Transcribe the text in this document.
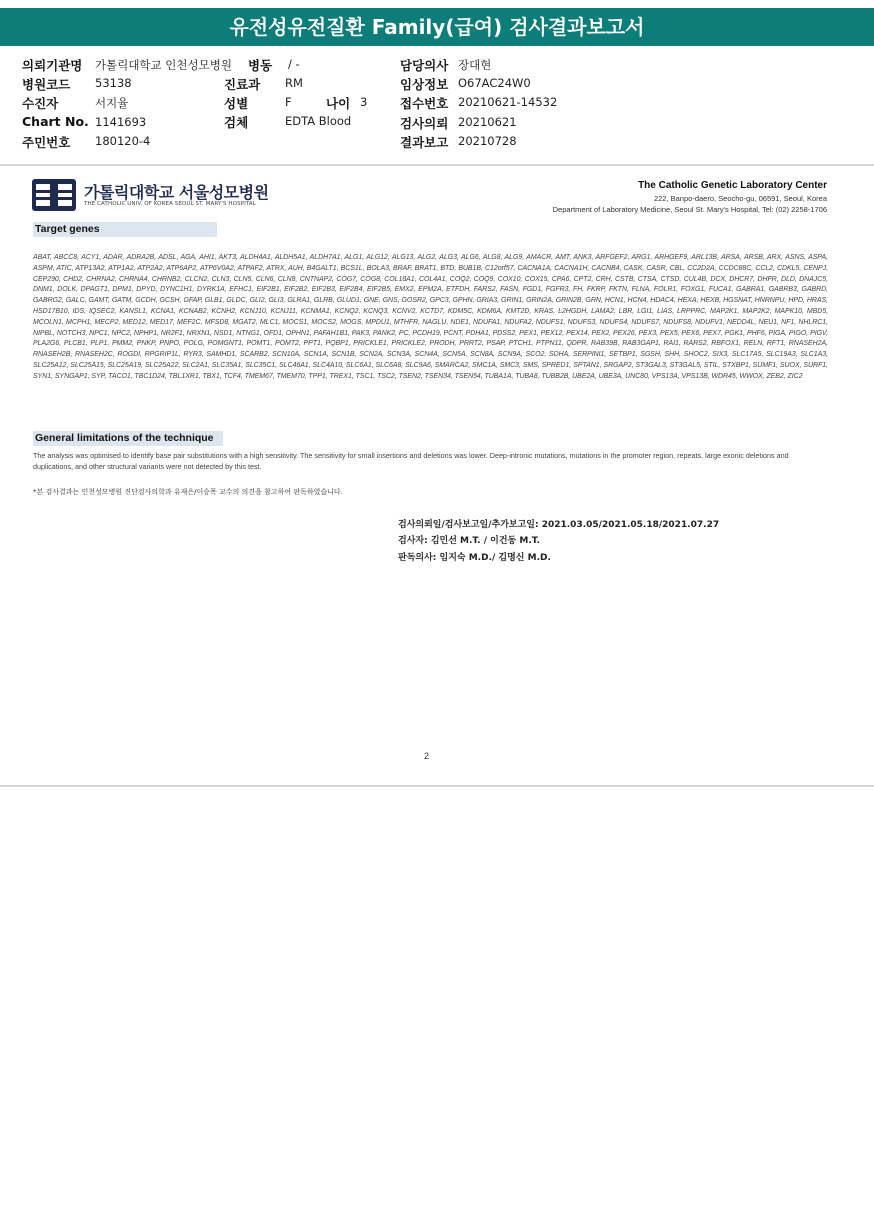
유전성유전질환 Family(급여) 검사결과보고서
의뢰기관명 가톨릭대학교 인천성모병원 병동 / -	담당의사 장대현
병원코드 53138	진료과 RM	임상정보 O67AC24W0
수진자	서지율	성별	F	나이 3	접수번호 20210621-14532
Chart No. 1141693	검체	EDTA Blood	검사의뢰 20210621
주민번호 180120-4	결과보고 20210728
가톨릭대학교 서울성모병원
THE CATHOLIC UNIV. OF KOREA SEOUL ST. MARY'S HOSPITAL
The Catholic Genetic Laboratory Center
222, Banpo-daero, Seocho-gu, 06591, Seoul, Korea
Department of Laboratory Medicine, Seoul St. Mary's Hospital, Tel: (02) 2258-1706
Target genes
ABAT, ABCC8, ACY1, ADAR, ADRA2B, ADSL, AGA, AHI1, AKT3, ALDH4A1, ALDH5A1, ALDH7A1, ALG1, ALG12, ALG13, ALG2, ALG3, ALG6, ALG8, ALG9, AMACR, AMT, ANK3, ARFGEF2, ARG1, ARHGEF9, ARL13B, ARSA, ARSB, ARX, ASNS, ASPA, ASPM, ATIC, ATP13A2, ATP1A2, ATP2A2, ATP6AP2, ATP6V0A2, ATPAF2, ATRX, AUH, B4GALT1, BCS1L, BOLA3, BRAF, BRAT1, BTD, BUB1B, C12orf57, CACNA1A, CACNA1H, CACNB4, CASK, CASR, CBL, CC2D2A, CCDC88C, CCL2, CDKL5, CENPJ, CEP290, CHD2, CHRNA2, CHRNA4, CHRNB2, CLCN2, CLN3, CLN5, CLN6, CLN8, CNTNAP2, COG7, COG8, COL18A1, COL4A1, COQ2, COQ9, COX10, COX15, CPA6, CPT2, CRH, CSTB, CTSA, CTSD, CUL4B, DCX, DHCR7, DHFR, DLD, DNAJC5, DNM1, DOLK, DPAGT1, DPM1, DPYD, DYNC1H1, DYRK1A, EFHC1, EIF2B1, EIF2B2, EIF2B3, EIF2B4, EIF2B5, EMX2, EPM2A, ETFDH, FARS2, FASN, FGD1, FGFR3, FH, FKRP, FKTN, FLNA, FOLR1, FOXG1, FUCA1, GABRA1, GABRB3, GABRD, GABRG2, GALC, GAMT, GATM, GCDH, GCSH, GFAP, GLB1, GLDC, GLI2, GLI3, GLRA1, GLRB, GLUD1, GNE, GNS, GOSR2, GPC3, GPHN, GRIA3, GRIN1, GRIN2A, GRIN2B, GRN, HCN1, HCN4, HDAC4, HEXA, HEXB, HGSNAT, HNRNPU, HPD, HRAS, HSD17B10, IDS, IQSEC2, KANSL1, KCNA1, KCNAB2, KCNH2, KCNJ10, KCNJ11, KCNMA1, KCNQ2, KCNQ3, KCNV2, KCTD7, KDM5C, KDM6A, KMT2D, KRAS, L2HGDH, LAMA2, LBR, LGI1, LIAS, LRPPRC, MAP2K1, MAP2K2, MAPK10, MBD5, MCOLN1, MCPH1, MECP2, MED12, MED17, MEF2C, MFSD8, MGAT2, MLC1, MOCS1, MOCS2, MOGS, MPDU1, MTHFR, NAGLU, NDE1, NDUFA1, NDUFA2, NDUFS1, NDUFS3, NDUFS4, NDUFS7, NDUFS8, NDUFV1, NEDD4L, NEU1, NF1, NHLRC1, NIPBL, NOTCH3, NPC1, NPC2, NPHP1, NR2F1, NRXN1, NSD1, NTNG1, OFD1, OPHN1, PAFAH1B1, PAK3, PANK2, PC, PCDH19, PCNT, PDHA1, PDSS2, PEX1, PEX12, PEX14, PEX2, PEX26, PEX3, PEX5, PEX6, PEX7, PGK1, PHF6, PIGA, PIGO, PIGV, PLA2G6, PLCB1, PLP1, PMM2, PNKP, PNPO, POLG, POMGNT1, POMT1, POMT2, PPT1, PQBP1, PRICKLE1, PRICKLE2, PRODH, PRRT2, PSAP, PTCH1, PTPN11, QDPR, RAB39B, RAB3GAP1, RAI1, RARS2, RBFOX1, RELN, RFT1, RNASEH2A, RNASEH2B, RNASEH2C, ROGDI, RPGRIP1L, RYR3, SAMHD1, SCARB2, SCN10A, SCN1A, SCN1B, SCN2A, SCN3A, SCN4A, SCN5A, SCN8A, SCN9A, SCO2, SDHA, SERPINI1, SETBP1, SGSH, SHH, SHOC2, SIX3, SLC17A5, SLC19A3, SLC1A3, SLC25A12, SLC25A15, SLC25A19, SLC25A22, SLC2A1, SLC35A1, SLC35C1, SLC46A1, SLC4A10, SLC6A1, SLC6A8, SLC9A6, SMARCA2, SMC1A, SMC3, SMS, SPRED1, SPTAN1, SRGAP2, ST3GAL3, ST3GAL5, STIL, STXBP1, SUMF1, SUOX, SURF1, SYN1, SYNGAP1, SYP, TACO1, TBC1D24, TBL1XR1, TBX1, TCF4, TMEM67, TMEM70, TPP1, TREX1, TSC1, TSC2, TSEN2, TSEN34, TSEN54, TUBA1A, TUBA8, TUBB2B, UBE2A, UBE3A, UNC80, VPS13A, VPS13B, WDR45, WWOX, ZEB2, ZIC2
General limitations of the technique
The analysis was optimised to identify base pair substitutions with a high sensitivity. The sensitivity for small insertions and deletions was lower. Deep-intronic mutations, mutations in the promoter region, repeats, large exonic deletions and duplications, and other structural variants were not detected by this test.
*본 검사결과는 인천성모병원 진단검사의학과 유재은/이승목 교수의 의견을 참고하여 판독하였습니다.
검사의뢰일/검사보고일/추가보고일: 2021.03.05/2021.05.18/2021.07.27
검사자: 김민선 M.T. / 이건동 M.T.
판독의사: 임지숙 M.D./ 김명신 M.D.
2
